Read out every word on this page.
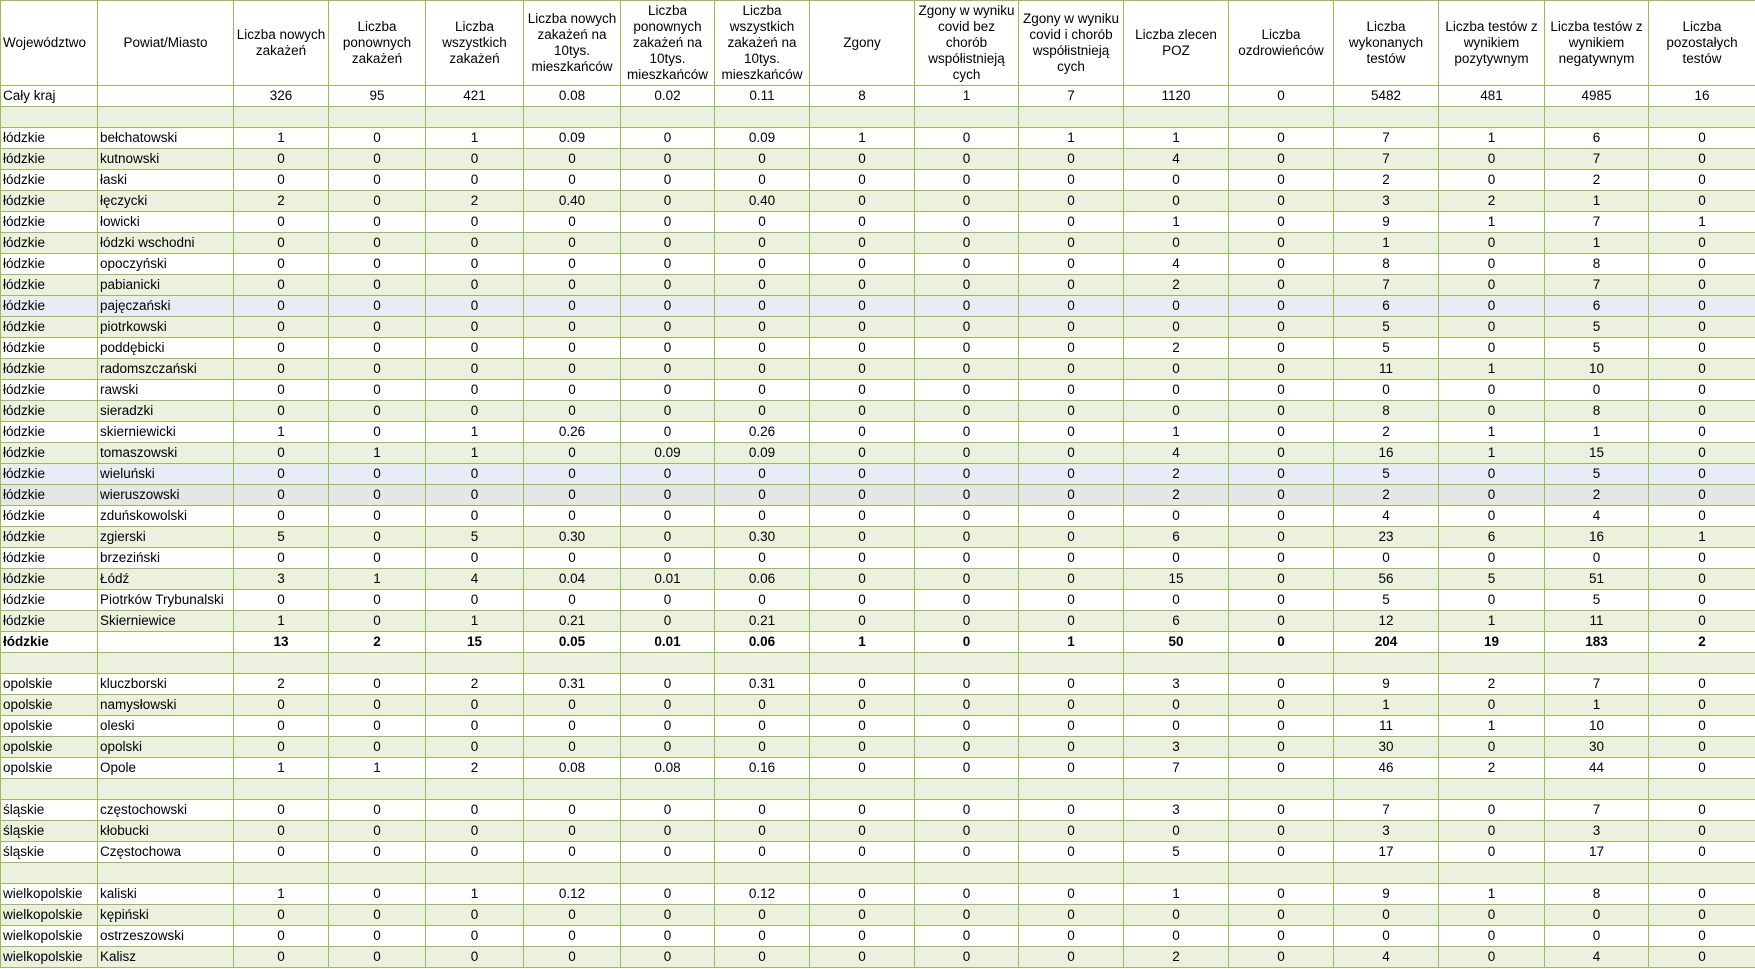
Województwo	Powiat/Miasto	Liczba nowych zakażeń	Liczba ponownych zakażeń	Liczba wszystkich zakażeń	Liczba nowych zakażeń na 10tys. mieszkańców	Liczba ponownych zakażeń na 10tys. mieszkańców	Liczba wszystkich zakażeń na 10tys. mieszkańców	Zgony	Zgony w wyniku covid bez chorób współistnieją cych	Zgony w wyniku covid i chorób współistnieją cych	Liczba zlecen POZ	Liczba ozdrowieńców	Liczba wykonanych testów	Liczba testów z wynikiem pozytywnym	Liczba testów z wynikiem negatywnym	Liczba pozostałych testów
Cały kraj		326	95	421	0.08	0.02	0.11	8	1	7	1120	0	5482	481	4985	16

łódzkie	bełchatowski	1	0	1	0.09	0	0.09	1	0	1	1	0	7	1	6	0
łódzkie	kutnowski	0	0	0	0	0	0	0	0	0	4	0	7	0	7	0
łódzkie	łaski	0	0	0	0	0	0	0	0	0	0	0	2	0	2	0
łódzkie	łęczycki	2	0	2	0.40	0	0.40	0	0	0	0	0	3	2	1	0
łódzkie	łowicki	0	0	0	0	0	0	0	0	0	1	0	9	1	7	1
łódzkie	łódzki wschodni	0	0	0	0	0	0	0	0	0	0	0	1	0	1	0
łódzkie	opoczyński	0	0	0	0	0	0	0	0	0	4	0	8	0	8	0
łódzkie	pabianicki	0	0	0	0	0	0	0	0	0	2	0	7	0	7	0
łódzkie	pajęczański	0	0	0	0	0	0	0	0	0	0	0	6	0	6	0
łódzkie	piotrkowski	0	0	0	0	0	0	0	0	0	0	0	5	0	5	0
łódzkie	poddębicki	0	0	0	0	0	0	0	0	0	2	0	5	0	5	0
łódzkie	radomszczański	0	0	0	0	0	0	0	0	0	0	0	11	1	10	0
łódzkie	rawski	0	0	0	0	0	0	0	0	0	0	0	0	0	0	0
łódzkie	sieradzki	0	0	0	0	0	0	0	0	0	0	0	8	0	8	0
łódzkie	skierniewicki	1	0	1	0.26	0	0.26	0	0	0	1	0	2	1	1	0
łódzkie	tomaszowski	0	1	1	0	0.09	0.09	0	0	0	4	0	16	1	15	0
łódzkie	wieluński	0	0	0	0	0	0	0	0	0	2	0	5	0	5	0
łódzkie	wieruszowski	0	0	0	0	0	0	0	0	0	2	0	2	0	2	0
łódzkie	zduńskowolski	0	0	0	0	0	0	0	0	0	0	0	4	0	4	0
łódzkie	zgierski	5	0	5	0.30	0	0.30	0	0	0	6	0	23	6	16	1
łódzkie	brzeziński	0	0	0	0	0	0	0	0	0	0	0	0	0	0	0
łódzkie	Łódź	3	1	4	0.04	0.01	0.06	0	0	0	15	0	56	5	51	0
łódzkie	Piotrków Trybunalski	0	0	0	0	0	0	0	0	0	0	0	5	0	5	0
łódzkie	Skierniewice	1	0	1	0.21	0	0.21	0	0	0	6	0	12	1	11	0
łódzkie		13	2	15	0.05	0.01	0.06	1	0	1	50	0	204	19	183	2

opolskie	kluczborski	2	0	2	0.31	0	0.31	0	0	0	3	0	9	2	7	0
opolskie	namysłowski	0	0	0	0	0	0	0	0	0	0	0	1	0	1	0
opolskie	oleski	0	0	0	0	0	0	0	0	0	0	0	11	1	10	0
opolskie	opolski	0	0	0	0	0	0	0	0	0	3	0	30	0	30	0
opolskie	Opole	1	1	2	0.08	0.08	0.16	0	0	0	7	0	46	2	44	0

śląskie	częstochowski	0	0	0	0	0	0	0	0	0	3	0	7	0	7	0
śląskie	kłobucki	0	0	0	0	0	0	0	0	0	0	0	3	0	3	0
śląskie	Częstochowa	0	0	0	0	0	0	0	0	0	5	0	17	0	17	0

wielkopolskie	kaliski	1	0	1	0.12	0	0.12	0	0	0	1	0	9	1	8	0
wielkopolskie	kępiński	0	0	0	0	0	0	0	0	0	0	0	0	0	0	0
wielkopolskie	ostrzeszowski	0	0	0	0	0	0	0	0	0	0	0	0	0	0	0
wielkopolskie	Kalisz	0	0	0	0	0	0	0	0	0	2	0	4	0	4	0
